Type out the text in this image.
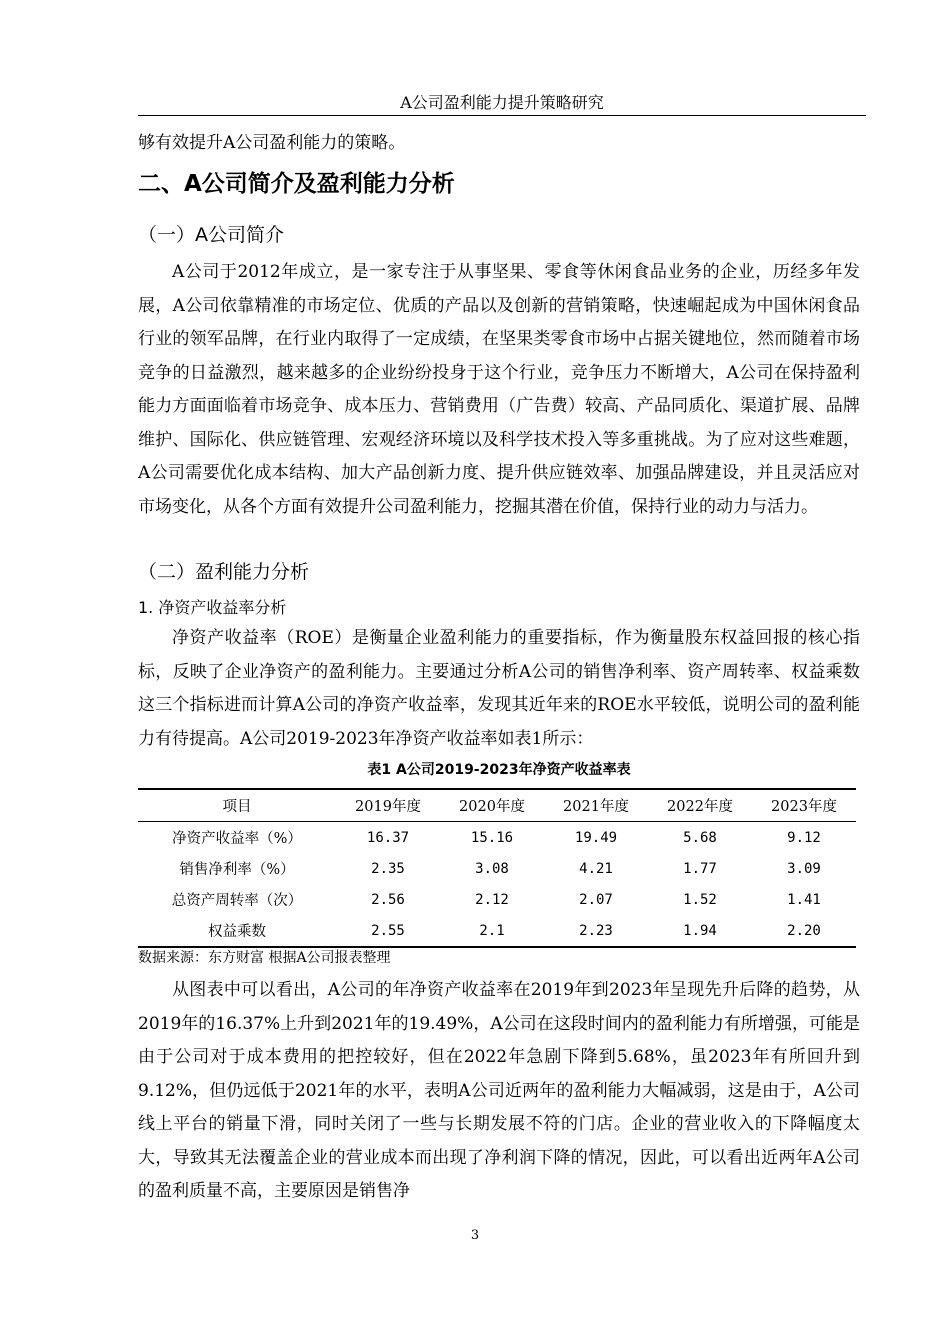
A公司盈利能力提升策略研究
够有效提升A公司盈利能力的策略。
二、A公司简介及盈利能力分析
（一）A公司简介
A公司于2012年成立，是一家专注于从事坚果、零食等休闲食品业务的企业，历经多年发展，A公司依靠精准的市场定位、优质的产品以及创新的营销策略，快速崛起成为中国休闲食品行业的领军品牌，在行业内取得了一定成绩，在坚果类零食市场中占据关键地位，然而随着市场竞争的日益激烈，越来越多的企业纷纷投身于这个行业，竞争压力不断增大，A公司在保持盈利能力方面面临着市场竞争、成本压力、营销费用（广告费）较高、产品同质化、渠道扩展、品牌维护、国际化、供应链管理、宏观经济环境以及科学技术投入等多重挑战。为了应对这些难题，A公司需要优化成本结构、加大产品创新力度、提升供应链效率、加强品牌建设，并且灵活应对市场变化，从各个方面有效提升公司盈利能力，挖掘其潜在价值，保持行业的动力与活力。
（二）盈利能力分析
1. 净资产收益率分析
净资产收益率（ROE）是衡量企业盈利能力的重要指标，作为衡量股东权益回报的核心指标，反映了企业净资产的盈利能力。主要通过分析A公司的销售净利率、资产周转率、权益乘数这三个指标进而计算A公司的净资产收益率，发现其近年来的ROE水平较低，说明公司的盈利能力有待提高。A公司2019-2023年净资产收益率如表1所示：
表1 A公司2019-2023年净资产收益率表
项目	2019年度	2020年度	2021年度	2022年度	2023年度
净资产收益率（%）	16.37	15.16	19.49	5.68	9.12
销售净利率（%）	2.35	3.08	4.21	1.77	3.09
总资产周转率（次）	2.56	2.12	2.07	1.52	1.41
权益乘数	2.55	2.1	2.23	1.94	2.20
数据来源：东方财富 根据A公司报表整理
从图表中可以看出，A公司的年净资产收益率在2019年到2023年呈现先升后降的趋势，从2019年的16.37%上升到2021年的19.49%，A公司在这段时间内的盈利能力有所增强，可能是由于公司对于成本费用的把控较好，但在2022年急剧下降到5.68%，虽2023年有所回升到9.12%，但仍远低于2021年的水平，表明A公司近两年的盈利能力大幅减弱，这是由于，A公司线上平台的销量下滑，同时关闭了一些与长期发展不符的门店。企业的营业收入的下降幅度太大，导致其无法覆盖企业的营业成本而出现了净利润下降的情况，因此，可以看出近两年A公司的盈利质量不高，主要原因是销售净
3
